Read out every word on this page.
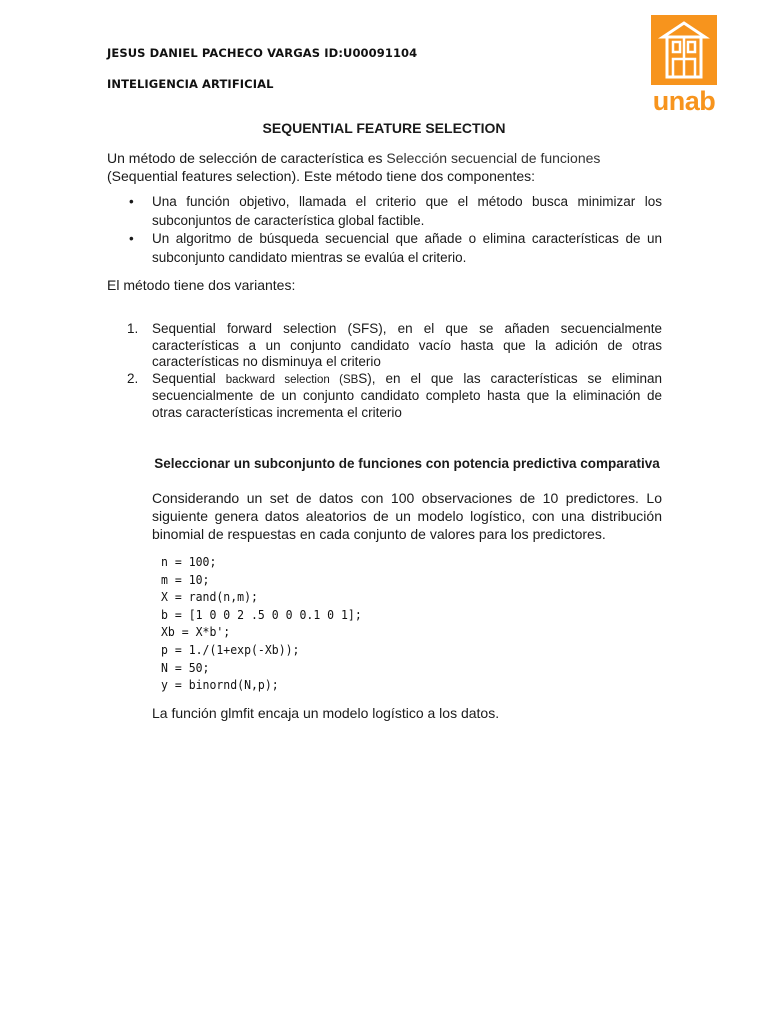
JESUS DANIEL PACHECO VARGAS ID:U00091104
INTELIGENCIA ARTIFICIAL
unab
SEQUENTIAL FEATURE SELECTION
Un método de selección de característica es Selección secuencial de funciones
(Sequential features selection). Este método tiene dos componentes:
• Una función objetivo, llamada el criterio que el método busca minimizar los subconjuntos de característica global factible.
• Un algoritmo de búsqueda secuencial que añade o elimina características de un subconjunto candidato mientras se evalúa el criterio.
El método tiene dos variantes:
1. Sequential forward selection (SFS), en el que se añaden secuencialmente características a un conjunto candidato vacío hasta que la adición de otras características no disminuya el criterio
2. Sequential backward selection (SBS), en el que las características se eliminan secuencialmente de un conjunto candidato completo hasta que la eliminación de otras características incrementa el criterio
Seleccionar un subconjunto de funciones con potencia predictiva comparativa
Considerando un set de datos con 100 observaciones de 10 predictores. Lo siguiente genera datos aleatorios de un modelo logístico, con una distribución binomial de respuestas en cada conjunto de valores para los predictores.
n = 100;
m = 10;
X = rand(n,m);
b = [1 0 0 2 .5 0 0 0.1 0 1];
Xb = X*b';
p = 1./(1+exp(-Xb));
N = 50;
y = binornd(N,p);
La función glmfit encaja un modelo logístico a los datos.
